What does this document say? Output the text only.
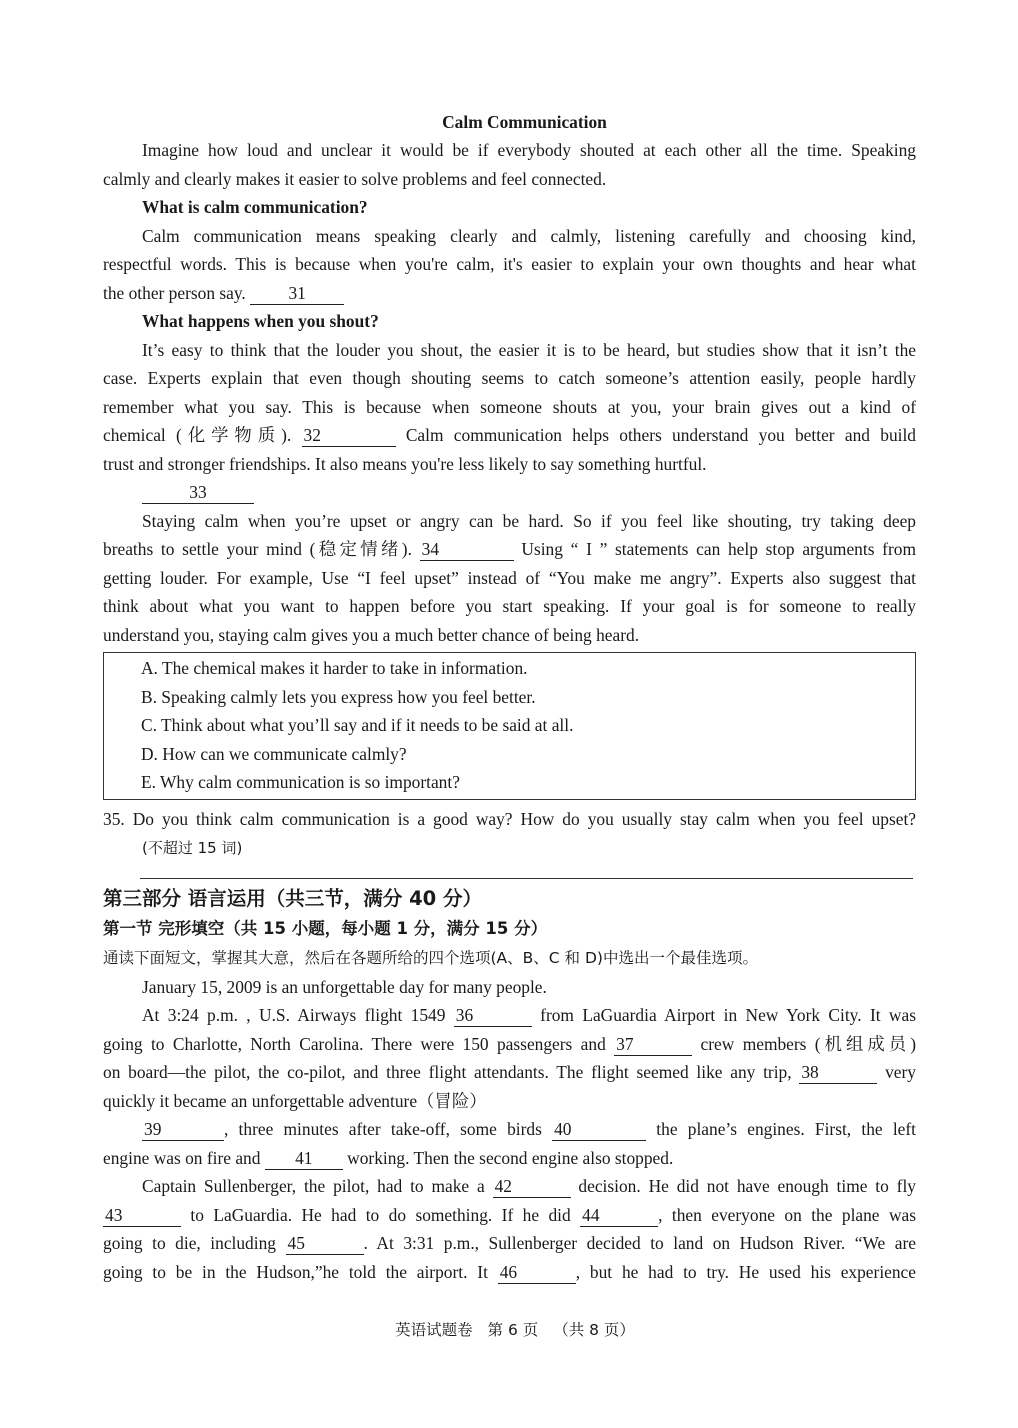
Calm Communication
Imagine how loud and unclear it would be if everybody shouted at each other all the time. Speaking
calmly and clearly makes it easier to solve problems and feel connected.
What is calm communication?
Calm communication means speaking clearly and calmly, listening carefully and choosing kind,
respectful words. This is because when you're calm, it's easier to explain your own thoughts and hear what
the other person say. 31
What happens when you shout?
It’s easy to think that the louder you shout, the easier it is to be heard, but studies show that it isn’t the
case. Experts explain that even though shouting seems to catch someone’s attention easily, people hardly
remember what you say. This is because when someone shouts at you, your brain gives out a kind of
chemical (化学物质). 32	Calm communication helps others understand you better and build
trust and stronger friendships. It also means you're less likely to say something hurtful.
33
Staying calm when you’re upset or angry can be hard. So if you feel like shouting, try taking deep
breaths to settle your mind (稳定情绪). 34	Using “ I ” statements can help stop arguments from
getting louder. For example, Use “I feel upset” instead of “You make me angry”. Experts also suggest that
think about what you want to happen before you start speaking. If your goal is for someone to really
understand you, staying calm gives you a much better chance of being heard.
A. The chemical makes it harder to take in information.
B. Speaking calmly lets you express how you feel better.
C. Think about what you’ll say and if it needs to be said at all.
D. How can we communicate calmly?
E. Why calm communication is so important?
35. Do you think calm communication is a good way? How do you usually stay calm when you feel upset?
(不超过 15 词)
第三部分 语言运用（共三节，满分 40 分）
第一节 完形填空（共 15 小题，每小题 1 分，满分 15 分）
通读下面短文，掌握其大意，然后在各题所给的四个选项(A、B、C 和 D)中选出一个最佳选项。
January 15, 2009 is an unforgettable day for many people.
At 3:24 p.m. , U.S. Airways flight 1549 36	from LaGuardia Airport in New York City. It was
going to Charlotte, North Carolina. There were 150 passengers and 37	crew members (机组成员)
on board—the pilot, the co-pilot, and three flight attendants. The flight seemed like any trip, 38	very
quickly it became an unforgettable adventure（冒险）
39	, three minutes after take-off, some birds 40	the plane’s engines. First, the left
engine was on fire and 41 working. Then the second engine also stopped.
Captain Sullenberger, the pilot, had to make a 42	decision. He did not have enough time to fly
43	to LaGuardia. He had to do something. If he did 44	, then everyone on the plane was
going to die, including 45	. At 3:31 p.m., Sullenberger decided to land on Hudson River. “We are
going to be in the Hudson,”he told the airport. It 46	, but he had to try. He used his experience
英语试题卷 第 6 页 （共 8 页）
